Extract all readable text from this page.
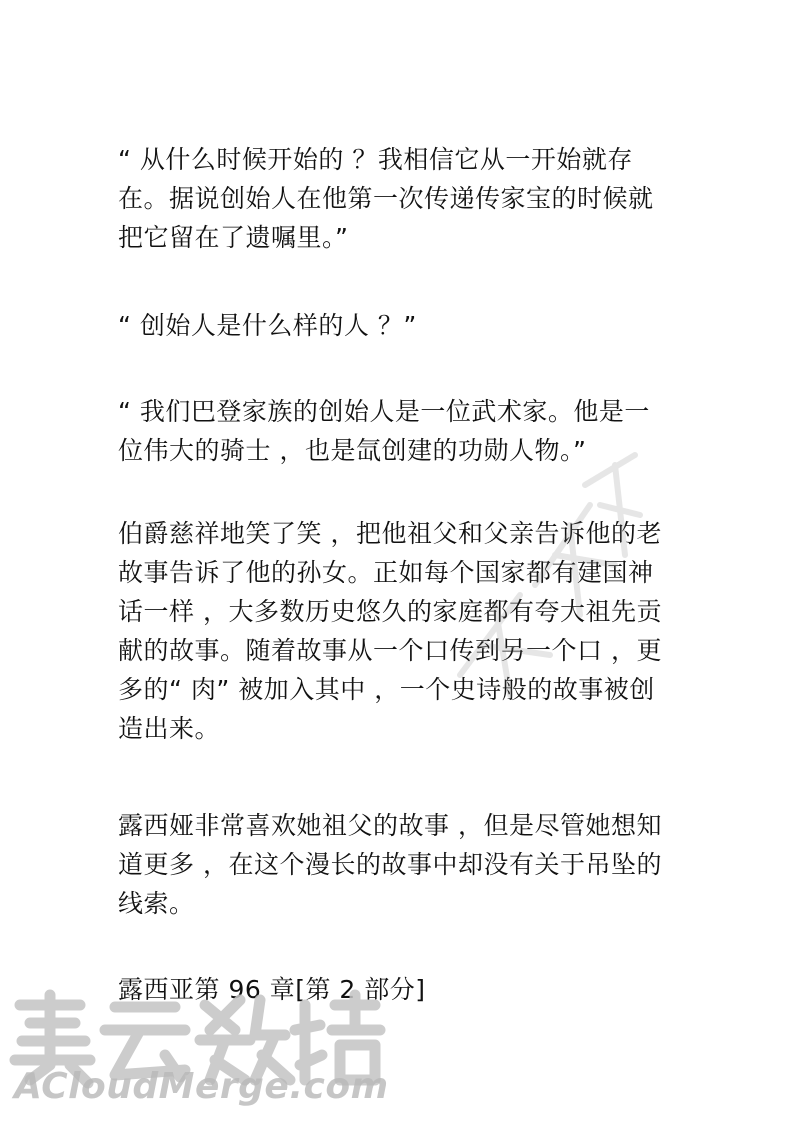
“ 从什么时候开始的 ？我相信它从一开始就存
在。据说创始人在他第一次传递传家宝的时候就
把它留在了遗嘱里。”
“ 创始人是什么样的人 ？”
“ 我们巴登家族的创始人是一位武术家。他是一
位伟大的骑士 ，也是氙创建的功勋人物。”
伯爵慈祥地笑了笑 ，把他祖父和父亲告诉他的老
故事告诉了他的孙女。正如每个国家都有建国神
话一样 ，大多数历史悠久的家庭都有夸大祖先贡
献的故事。随着故事从一个口传到另一个口 ，更
多的“ 肉” 被加入其中 ，一个史诗般的故事被创
造出来。
露西娅非常喜欢她祖父的故事 ，但是尽管她想知
道更多 ，在这个漫长的故事中却没有关于吊坠的
线索。
露西亚第 96 章[第 2 部分]
ACloudMerge.com
